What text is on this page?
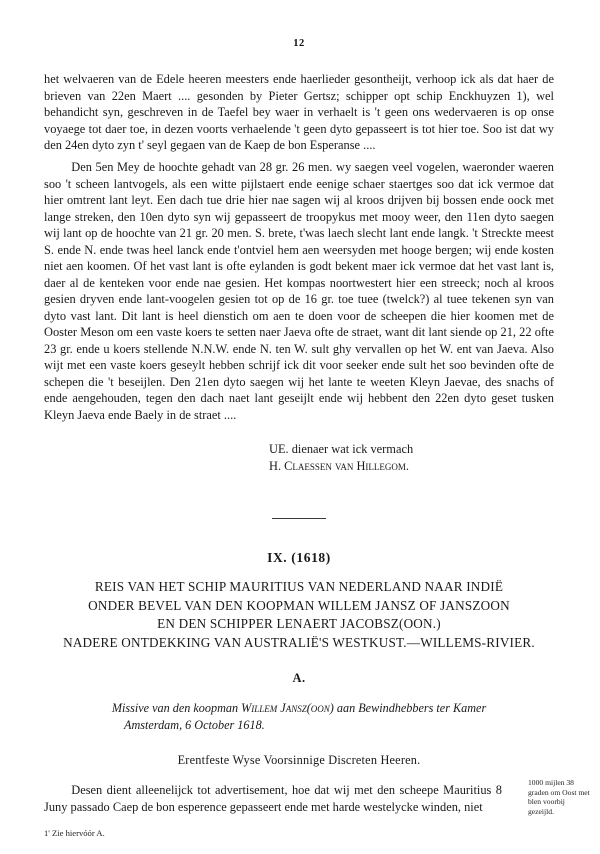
12

het welvaeren van de Edele heeren meesters ende haerlieder gesontheijt, verhoop ick als dat haer de brieven van 22en Maert .... gesonden by Pieter Gertsz; schipper opt schip Enckhuyzen 1), wel behandicht syn, geschreven in de Taefel bey waer in verhaelt is 't geen ons wedervaeren is op onse voyaege tot daer toe, in dezen voorts verhaelende 't geen dyto gepasseert is tot hier toe. Soo ist dat wy den 24en dyto zyn t' seyl gegaen van de Kaep de bon Esperanse ....

Den 5en Mey de hoochte gehadt van 28 gr. 26 men. wy saegen veel vogelen, waeronder waeren soo 't scheen lantvogels, als een witte pijlstaert ende eenige schaer staertges soo dat ick vermoe dat hier omtrent lant leyt. Een dach tue drie hier nae sagen wij al kroos drijven bij bossen ende oock met lange streken, den 10en dyto syn wij gepasseert de troopykus met mooy weer, den 11en dyto saegen wij lant op de hoochte van 21 gr. 20 men. S. brete, t'was laech slecht lant ende langk. 't Streckte meest S. ende N. ende twas heel lanck ende t'ontviel hem aen weersyden met hooge bergen; wij ende kosten niet aen koomen. Of het vast lant is ofte eylanden is godt bekent maer ick vermoe dat het vast lant is, daer al de kenteken voor ende nae gesien. Het kompas noortwestert hier een streeck; noch al kroos gesien dryven ende lant-voogelen gesien tot op de 16 gr. toe tuee (twelck?) al tuee tekenen syn van dyto vast lant. Dit lant is heel dienstich om aen te doen voor de scheepen die hier koomen met de Ooster Meson om een vaste koers te setten naer Jaeva ofte de straet, want dit lant siende op 21, 22 ofte 23 gr. ende u koers stellende N.N.W. ende N. ten W. sult ghy vervallen op het W. ent van Jaeva. Also wijt met een vaste koers geseylt hebben schrijf ick dit voor seeker ende sult het soo bevinden ofte de schepen die 't beseijlen. Den 21en dyto saegen wij het lante te weeten Kleyn Jaevae, des snachs of ende aengehouden, tegen den dach naet lant geseijlt ende wij hebbent den 22en dyto geset tusken Kleyn Jaeva ende Baely in de straet ....

UE. dienaer wat ick vermach
H. Claessen van Hillegom.
IX. (1618)
REIS VAN HET SCHIP MAURITIUS VAN NEDERLAND NAAR INDIË
ONDER BEVEL VAN DEN KOOPMAN WILLEM JANSZ OF JANSZOON
EN DEN SCHIPPER LENAERT JACOBSZ(OON.)
NADERE ONTDEKKING VAN AUSTRALIË'S WESTKUST.—WILLEMS-RIVIER.
A.
Missive van den koopman Willem Jansz(oon) aan Bewindhebbers ter Kamer
Amsterdam, 6 October 1618.
Erentfeste Wyse Voorsinnige Discreten Heeren.

Desen dient alleenelijck tot advertisement, hoe dat wij met den scheepe Mauritius 8 Juny passado Caep de bon esperence gepasseert ende met harde westelycke winden, niet

1000 mijlen 38 graden om Oost met blen voorbij gezeijld.
1' Zie hiervóór A.
